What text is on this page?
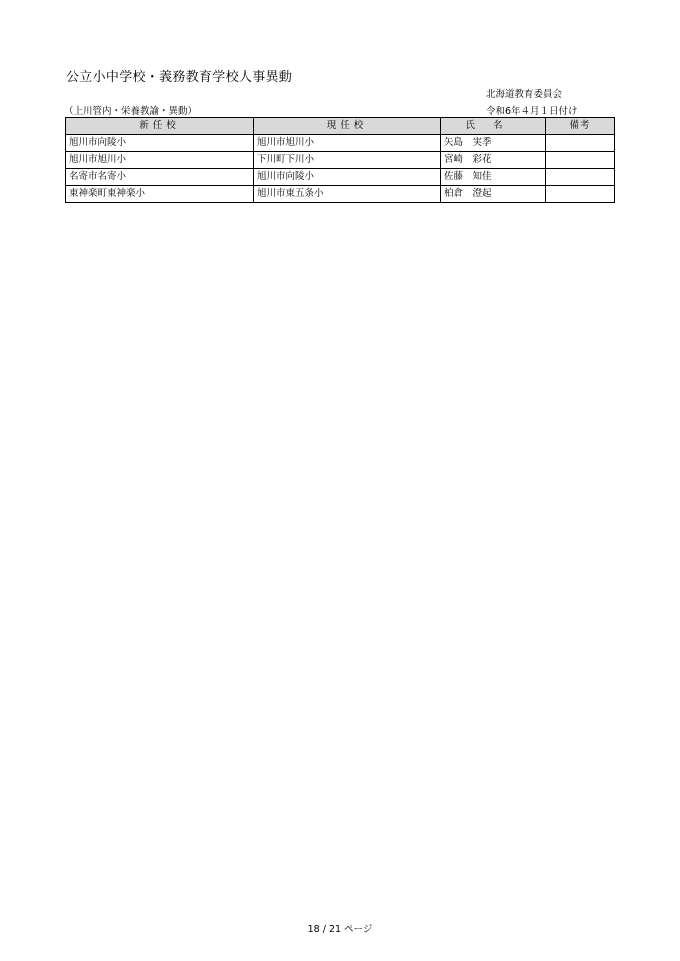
公立小中学校・義務教育学校人事異動
北海道教育委員会
（上川管内・栄養教諭・異動）	令和6年４月１日付け
新任校	現任校	氏名	備考
旭川市向陵小	旭川市旭川小	矢島　実季	
旭川市旭川小	下川町下川小	宮崎　彩花	
名寄市名寄小	旭川市向陵小	佐藤　知佳	
東神楽町東神楽小	旭川市東五条小	柏倉　澄起	
18 / 21 ページ
